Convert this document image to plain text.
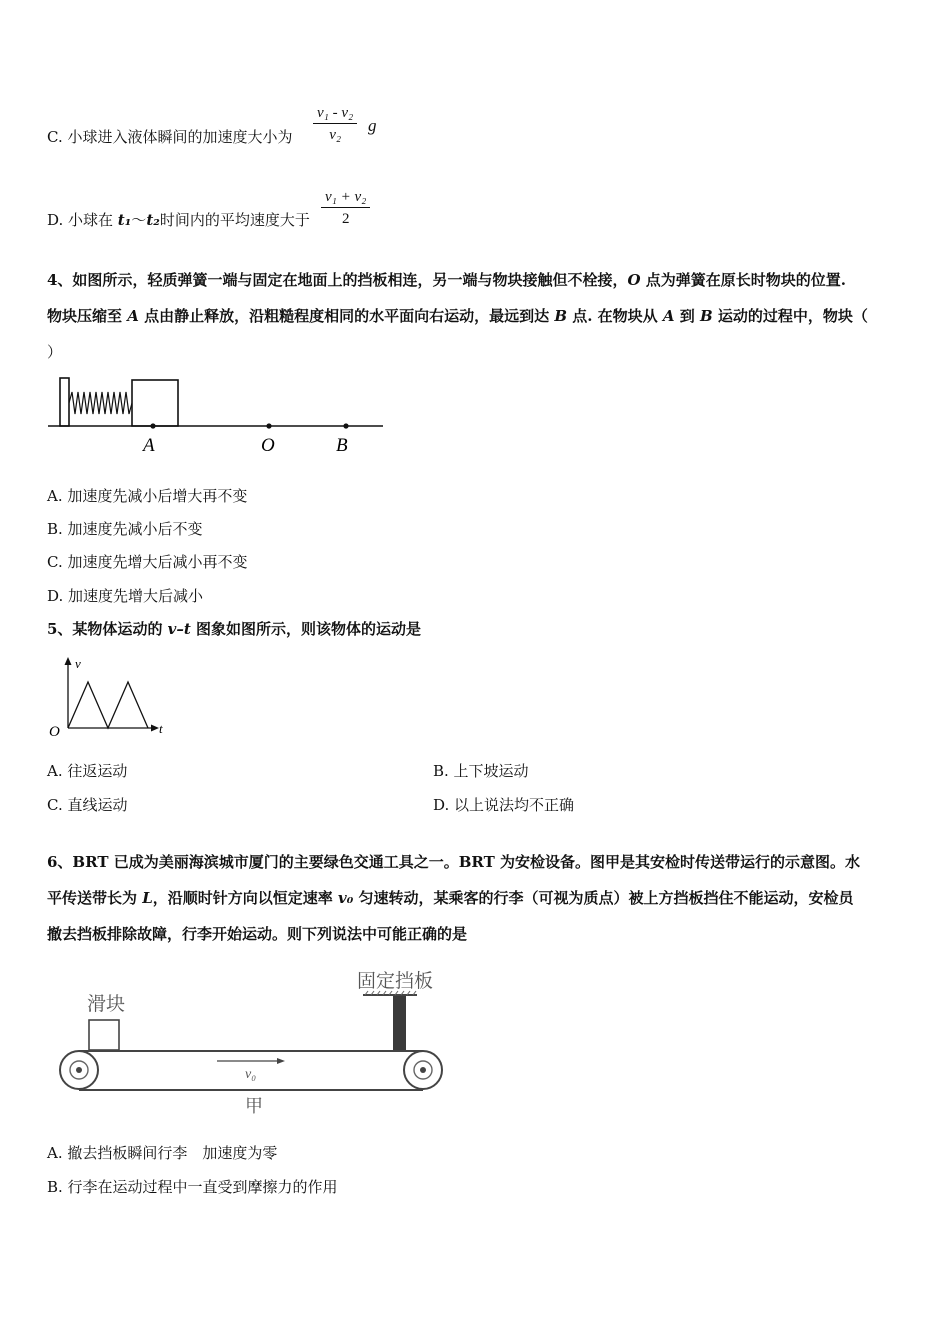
C. 小球进入液体瞬间的加速度大小为 $\frac{\text{v₁ - v₂}}{\text{v₂}}$ g
D. 小球在 t₁～t₂时间内的平均速度大于 $\frac{\text{v₁ + v₂}}{2}$
4、如图所示，轻质弹簧一端与固定在地面上的挡板相连，另一端与物块接触但不栓接，O 点为弹簧在原长时物块的位置.
物块压缩至 A 点由静止释放，沿粗糙程度相同的水平面向右运动，最远到达 B 点. 在物块从 A 到 B 运动的过程中，物块（
）
A	O	B
A. 加速度先减小后增大再不变
B. 加速度先减小后不变
C. 加速度先增大后减小再不变
D. 加速度先增大后减小
5、某物体运动的 v–t 图象如图所示，则该物体的运动是
v
t
O
A. 往返运动	B. 上下坡运动
C. 直线运动	D. 以上说法均不正确
6、BRT 已成为美丽海滨城市厦门的主要绿色交通工具之一。BRT 为安检设备。图甲是其安检时传送带运行的示意图。水
平传送带长为 L，沿顺时针方向以恒定速率 v₀ 匀速转动，某乘客的行李（可视为质点）被上方挡板挡住不能运动，安检员
撤去挡板排除故障，行李开始运动。则下列说法中可能正确的是
滑块
固定挡板
v₀
甲
A. 撤去挡板瞬间行李　加速度为零
B. 行李在运动过程中一直受到摩擦力的作用
